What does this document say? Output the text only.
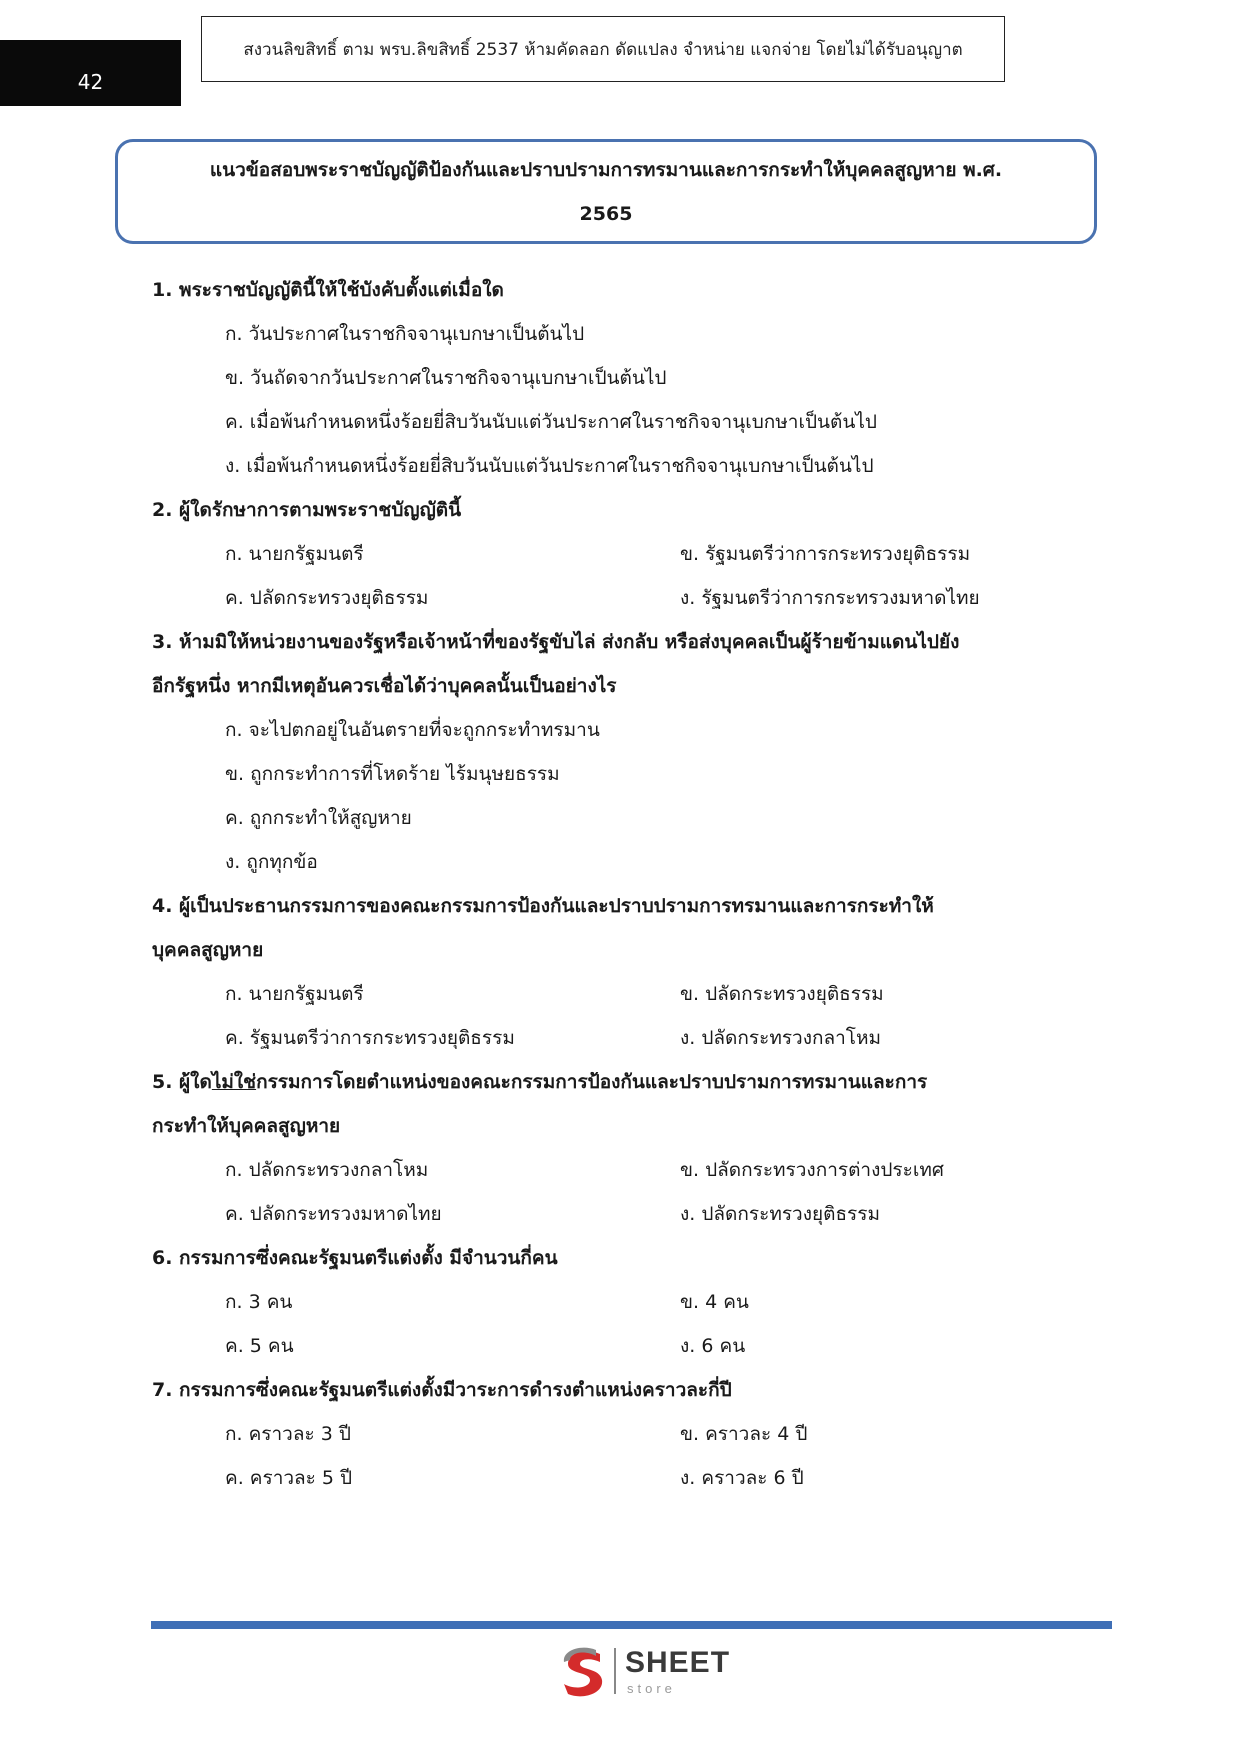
42
สงวนลิขสิทธิ์ ตาม พรบ.ลิขสิทธิ์ 2537 ห้ามคัดลอก ดัดแปลง จำหน่าย แจกจ่าย โดยไม่ได้รับอนุญาต
แนวข้อสอบพระราชบัญญัติป้องกันและปราบปรามการทรมานและการกระทำให้บุคคลสูญหาย พ.ศ.
2565
1. พระราชบัญญัตินี้ให้ใช้บังคับตั้งแต่เมื่อใด
ก. วันประกาศในราชกิจจานุเบกษาเป็นต้นไป
ข. วันถัดจากวันประกาศในราชกิจจานุเบกษาเป็นต้นไป
ค. เมื่อพ้นกำหนดหนึ่งร้อยยี่สิบวันนับแต่วันประกาศในราชกิจจานุเบกษาเป็นต้นไป
ง. เมื่อพ้นกำหนดหนึ่งร้อยยี่สิบวันนับแต่วันประกาศในราชกิจจานุเบกษาเป็นต้นไป
2. ผู้ใดรักษาการตามพระราชบัญญัตินี้
ก. นายกรัฐมนตรี	ข. รัฐมนตรีว่าการกระทรวงยุติธรรม
ค. ปลัดกระทรวงยุติธรรม	ง. รัฐมนตรีว่าการกระทรวงมหาดไทย
3. ห้ามมิให้หน่วยงานของรัฐหรือเจ้าหน้าที่ของรัฐขับไล่ ส่งกลับ หรือส่งบุคคลเป็นผู้ร้ายข้ามแดนไปยัง
อีกรัฐหนึ่ง หากมีเหตุอันควรเชื่อได้ว่าบุคคลนั้นเป็นอย่างไร
ก. จะไปตกอยู่ในอันตรายที่จะถูกกระทำทรมาน
ข. ถูกกระทำการที่โหดร้าย ไร้มนุษยธรรม
ค. ถูกกระทำให้สูญหาย
ง. ถูกทุกข้อ
4. ผู้เป็นประธานกรรมการของคณะกรรมการป้องกันและปราบปรามการทรมานและการกระทำให้
บุคคลสูญหาย
ก. นายกรัฐมนตรี	ข. ปลัดกระทรวงยุติธรรม
ค. รัฐมนตรีว่าการกระทรวงยุติธรรม	ง. ปลัดกระทรวงกลาโหม
5. ผู้ใดไม่ใช่กรรมการโดยตำแหน่งของคณะกรรมการป้องกันและปราบปรามการทรมานและการ
กระทำให้บุคคลสูญหาย
ก. ปลัดกระทรวงกลาโหม	ข. ปลัดกระทรวงการต่างประเทศ
ค. ปลัดกระทรวงมหาดไทย	ง. ปลัดกระทรวงยุติธรรม
6. กรรมการซึ่งคณะรัฐมนตรีแต่งตั้ง มีจำนวนกี่คน
ก. 3 คน	ข. 4 คน
ค. 5 คน	ง. 6 คน
7. กรรมการซึ่งคณะรัฐมนตรีแต่งตั้งมีวาระการดำรงตำแหน่งคราวละกี่ปี
ก. คราวละ 3 ปี	ข. คราวละ 4 ปี
ค. คราวละ 5 ปี	ง. คราวละ 6 ปี
SHEET
store
